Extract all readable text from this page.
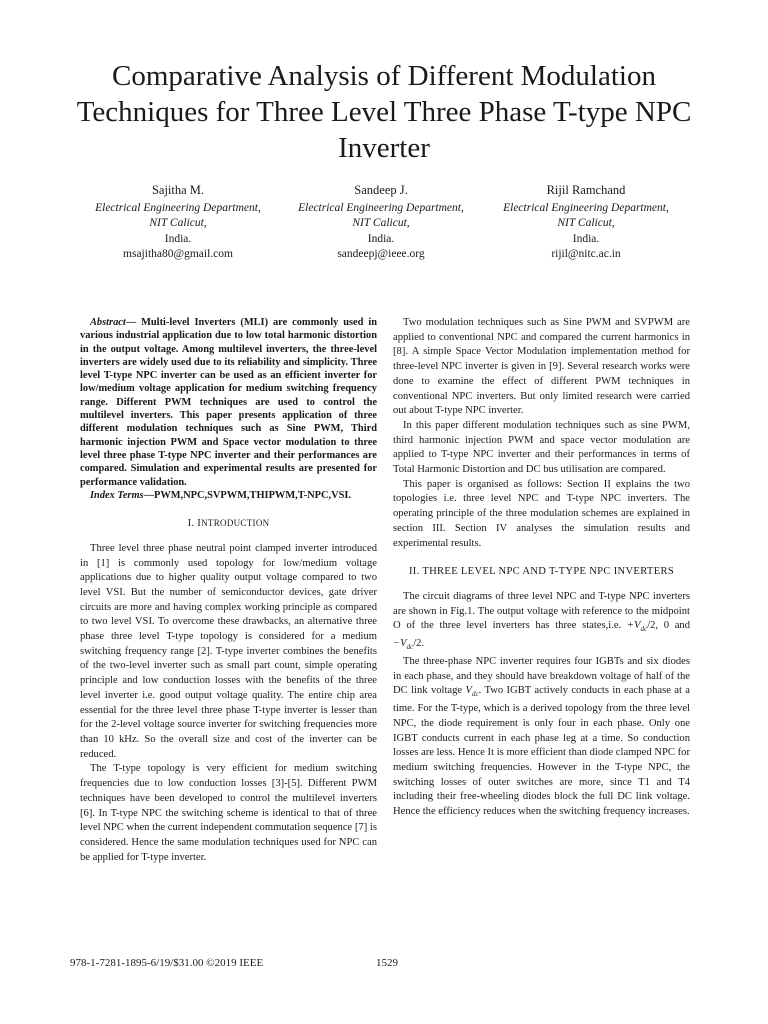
Comparative Analysis of Different Modulation Techniques for Three Level Three Phase T-type NPC Inverter
Sajitha M.
Electrical Engineering Department,
NIT Calicut,
India.
msajitha80@gmail.com
Sandeep J.
Electrical Engineering Department,
NIT Calicut,
India.
sandeepj@ieee.org
Rijil Ramchand
Electrical Engineering Department,
NIT Calicut,
India.
rijil@nitc.ac.in

Abstract— Multi-level Inverters (MLI) are commonly used in various industrial application due to low total harmonic distortion in the output voltage. Among multilevel inverters, the three-level inverters are widely used due to its reliability and simplicity. Three level T-type NPC inverter can be used as an efficient inverter for low/medium voltage application for medium switching frequency range. Different PWM techniques are used to control the multilevel inverters. This paper presents application of three different modulation techniques such as Sine PWM, Third harmonic injection PWM and Space vector modulation to three level three phase T-type NPC inverter and their performances are compared. Simulation and experimental results are presented for performance validation.

Index Terms—PWM,NPC,SVPWM,THIPWM,T-NPC,VSI.

I. INTRODUCTION

Three level three phase neutral point clamped inverter introduced in [1] is commonly used topology for low/medium voltage applications due to higher quality output voltage compared to two level VSI. But the number of semiconductor devices, gate driver circuits are more and having complex working principle as compared to two level VSI. To overcome these drawbacks, an alternative three phase three level T-type topology is considered for a medium switching frequency range [2]. T-type inverter combines the benefits of the two-level inverter such as small part count, simple operating principle and low conduction losses with the benefits of the three level inverter i.e. good output voltage quality. The entire chip area essential for the three level three phase T-type inverter is lesser than for the 2-level voltage source inverter for switching frequencies more than 10 kHz. So the overall size and cost of the inverter can be reduced.

The T-type topology is very efficient for medium switching frequencies due to low conduction losses [3]-[5]. Different PWM techniques have been developed to control the multilevel inverters [6]. In T-type NPC the switching scheme is identical to that of three level NPC when the current independent commutation sequence [7] is considered. Hence the same modulation techniques used for NPC can be applied for T-type inverter.

Two modulation techniques such as Sine PWM and SVPWM are applied to conventional NPC and compared the current harmonics in [8]. A simple Space Vector Modulation implementation method for three-level NPC inverter is given in [9]. Several research works were done to examine the effect of different PWM techniques in conventional NPC inverters. But only limited research were carried out about T-type NPC inverter.

In this paper different modulation techniques such as sine PWM, third harmonic injection PWM and space vector modulation are applied to T-type NPC inverter and their performances in terms of Total Harmonic Distortion and DC bus utilisation are compared.

This paper is organised as follows: Section II explains the two topologies i.e. three level NPC and T-type NPC inverters. The operating principle of the three modulation schemes are explained in section III. Section IV analyses the simulation results and experimental results.

II. THREE LEVEL NPC AND T-TYPE NPC INVERTERS

The circuit diagrams of three level NPC and T-type NPC inverters are shown in Fig.1. The output voltage with reference to the midpoint O of the three level inverters has three states,i.e. $+V_{dc}/2$, 0 and $-V_{dc}/2$.

The three-phase NPC inverter requires four IGBTs and six diodes in each phase, and they should have breakdown voltage of half of the DC link voltage $V_{dc}$. Two IGBT actively conducts in each phase at a time. For the T-type, which is a derived topology from the three level NPC, the diode requirement is only four in each phase. Only one IGBT conducts current in each phase leg at a time. So conduction losses are less. Hence It is more efficient than diode clamped NPC for medium switching frequencies. However in the T-type NPC, the switching losses of outer switches are more, since T1 and T4 including their free-wheeling diodes block the full DC link voltage. Hence the efficiency reduces when the switching frequency increases.

978-1-7281-1895-6/19/$31.00 ©2019 IEEE	1529
